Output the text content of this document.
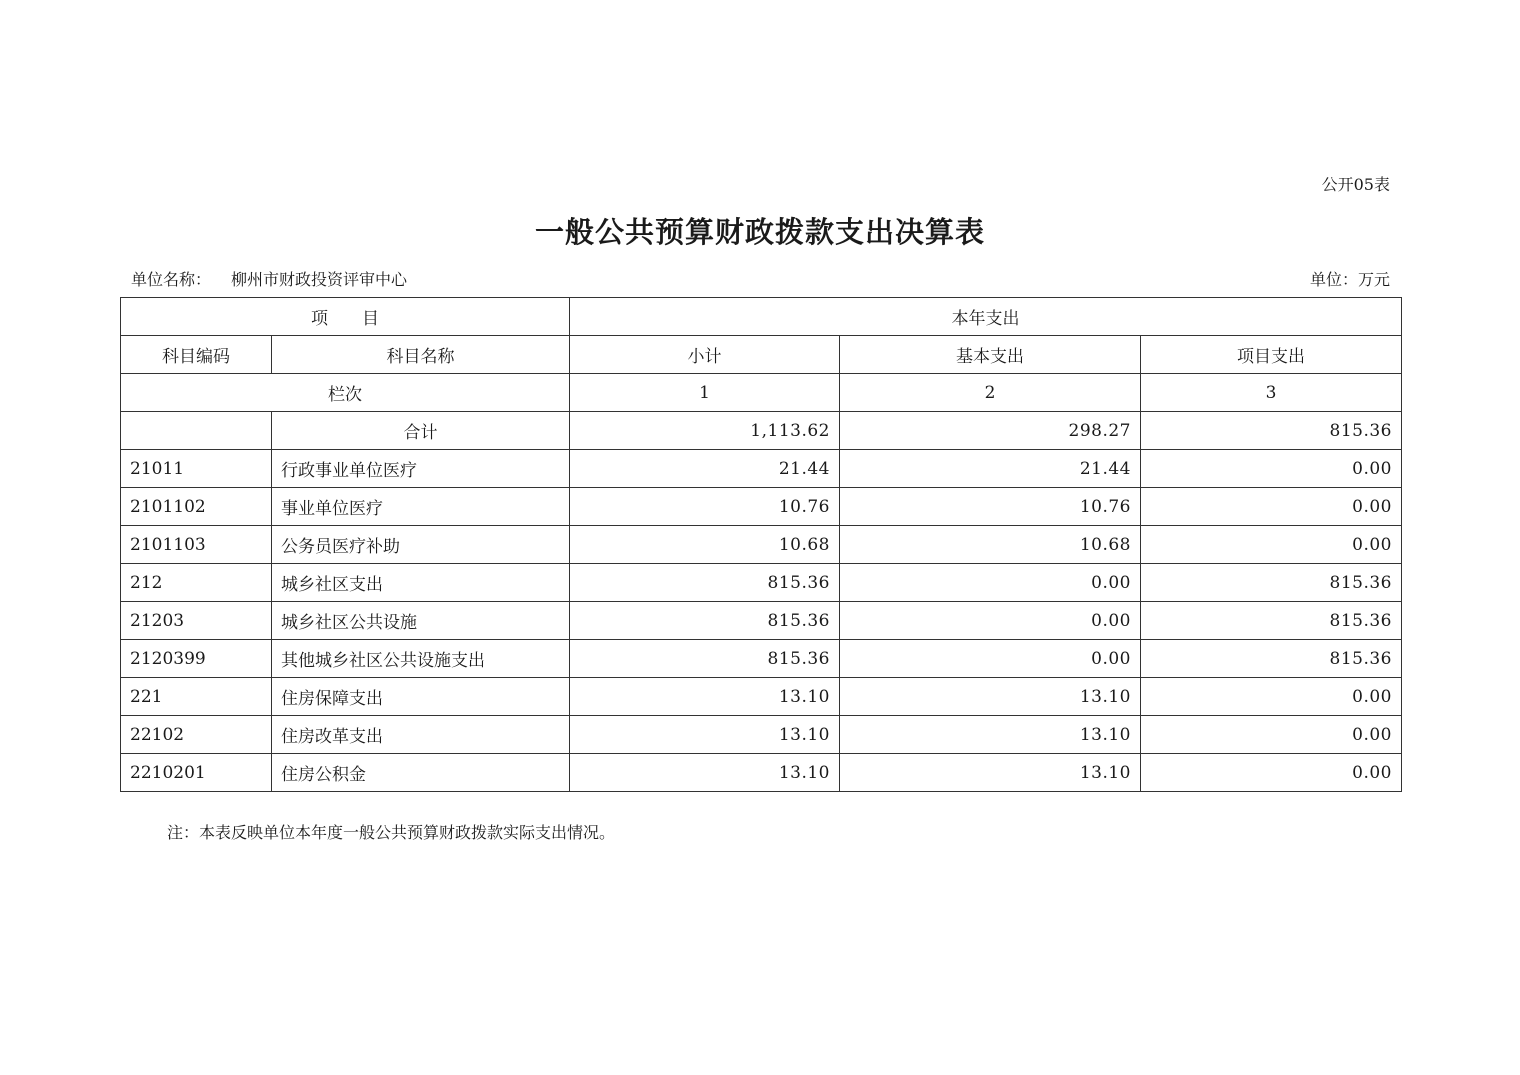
公开05表
一般公共预算财政拨款支出决算表
单位名称： 柳州市财政投资评审中心	单位：万元
项　　目		本年支出		
科目编码	科目名称	小计	基本支出	项目支出
栏次		1	2	3
	合计	1,113.62	298.27	815.36
21011	行政事业单位医疗	21.44	21.44	0.00
2101102	事业单位医疗	10.76	10.76	0.00
2101103	公务员医疗补助	10.68	10.68	0.00
212	城乡社区支出	815.36	0.00	815.36
21203	城乡社区公共设施	815.36	0.00	815.36
2120399	其他城乡社区公共设施支出	815.36	0.00	815.36
221	住房保障支出	13.10	13.10	0.00
22102	住房改革支出	13.10	13.10	0.00
2210201	住房公积金	13.10	13.10	0.00
注：本表反映单位本年度一般公共预算财政拨款实际支出情况。
